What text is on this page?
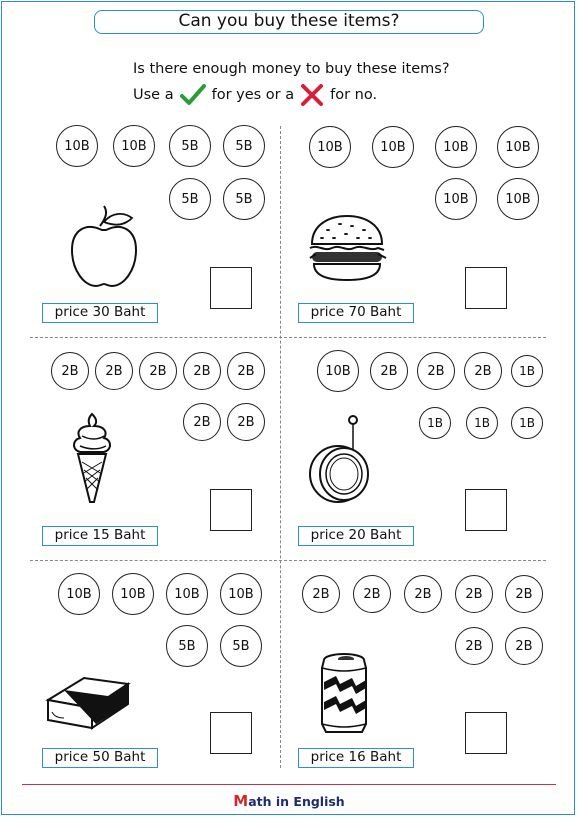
Can you buy these items?
Is there enough money to buy these items?
Use a	for yes or a for no.
10B	10B	5B	5B
5B	5B
price 30 Baht
10B	10B	10B	10B
10B	10B
price 70 Baht
2B	2B	2B	2B	2B
2B	2B
price 15 Baht
10B	2B	2B	2B	1B
1B	1B	1B
price 20 Baht
10B	10B	10B	10B
5B	5B
price 50 Baht
2B	2B	2B	2B	2B
2B	2B
price 16 Baht
Math in English
